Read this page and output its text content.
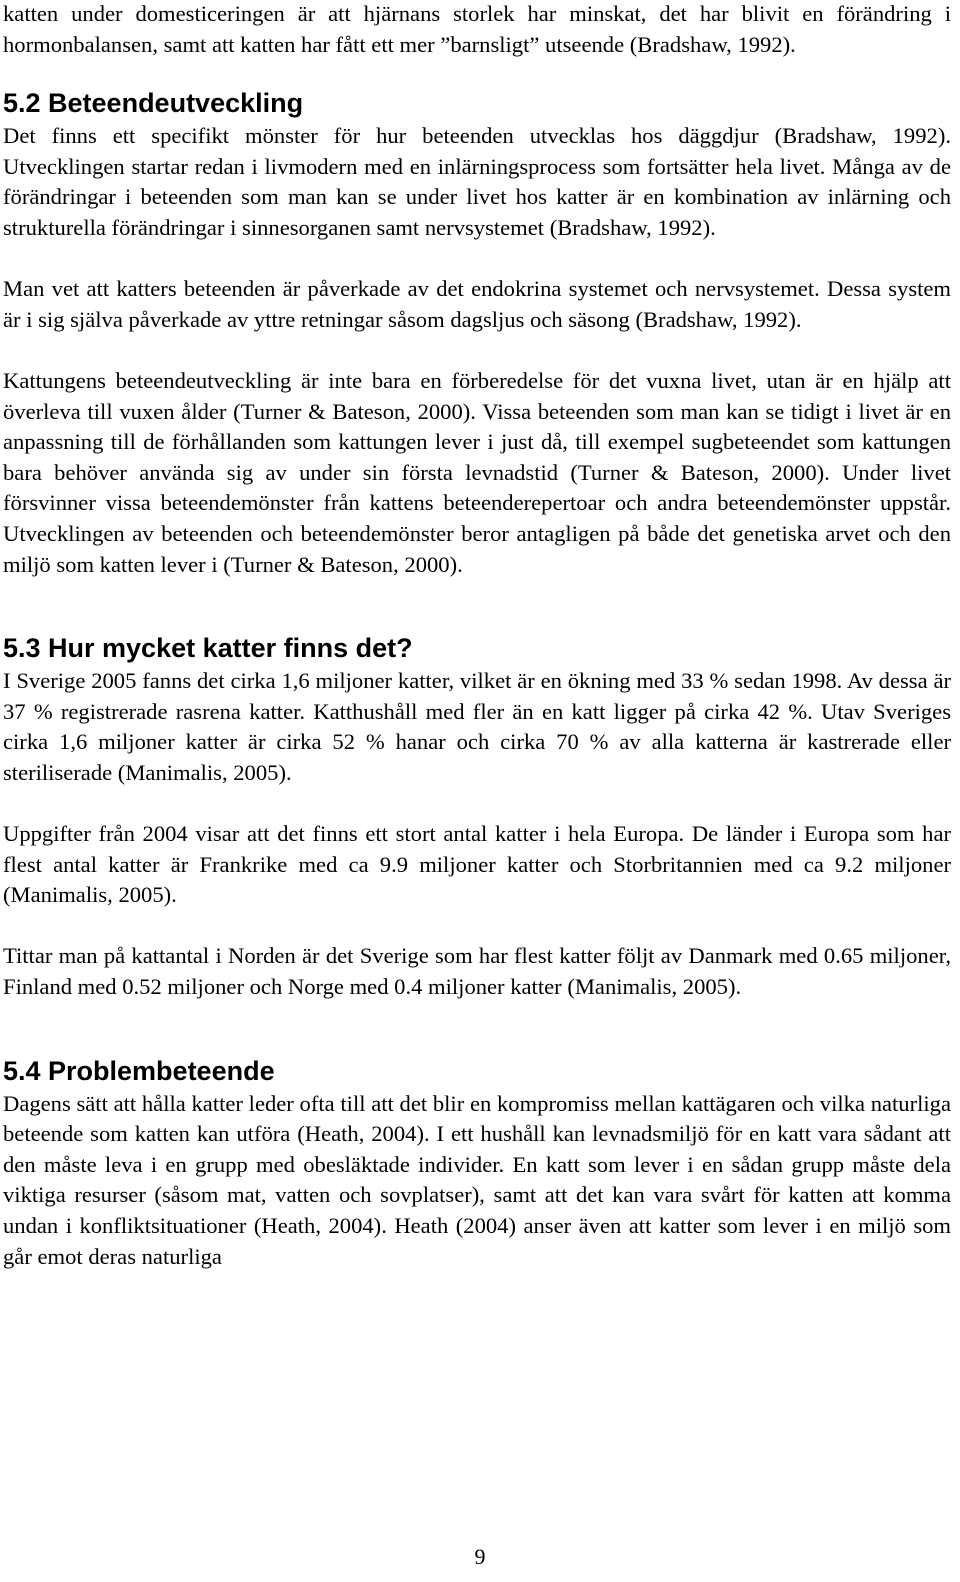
katten under domesticeringen är att hjärnans storlek har minskat, det har blivit en förändring i hormonbalansen, samt att katten har fått ett mer ”barnsligt” utseende (Bradshaw, 1992).

5.2 Beteendeutveckling

Det finns ett specifikt mönster för hur beteenden utvecklas hos däggdjur (Bradshaw, 1992). Utvecklingen startar redan i livmodern med en inlärningsprocess som fortsätter hela livet. Många av de förändringar i beteenden som man kan se under livet hos katter är en kombination av inlärning och strukturella förändringar i sinnesorganen samt nervsystemet (Bradshaw, 1992).

Man vet att katters beteenden är påverkade av det endokrina systemet och nervsystemet. Dessa system är i sig själva påverkade av yttre retningar såsom dagsljus och säsong (Bradshaw, 1992).

Kattungens beteendeutveckling är inte bara en förberedelse för det vuxna livet, utan är en hjälp att överleva till vuxen ålder (Turner & Bateson, 2000). Vissa beteenden som man kan se tidigt i livet är en anpassning till de förhållanden som kattungen lever i just då, till exempel sugbeteendet som kattungen bara behöver använda sig av under sin första levnadstid (Turner & Bateson, 2000). Under livet försvinner vissa beteendemönster från kattens beteenderepertoar och andra beteendemönster uppstår. Utvecklingen av beteenden och beteendemönster beror antagligen på både det genetiska arvet och den miljö som katten lever i (Turner & Bateson, 2000).

5.3 Hur mycket katter finns det?

I Sverige 2005 fanns det cirka 1,6 miljoner katter, vilket är en ökning med 33 % sedan 1998. Av dessa är 37 % registrerade rasrena katter. Katthushåll med fler än en katt ligger på cirka 42 %. Utav Sveriges cirka 1,6 miljoner katter är cirka 52 % hanar och cirka 70 % av alla katterna är kastrerade eller steriliserade (Manimalis, 2005).

Uppgifter från 2004 visar att det finns ett stort antal katter i hela Europa. De länder i Europa som har flest antal katter är Frankrike med ca 9.9 miljoner katter och Storbritannien med ca 9.2 miljoner (Manimalis, 2005).

Tittar man på kattantal i Norden är det Sverige som har flest katter följt av Danmark med 0.65 miljoner, Finland med 0.52 miljoner och Norge med 0.4 miljoner katter (Manimalis, 2005).

5.4 Problembeteende

Dagens sätt att hålla katter leder ofta till att det blir en kompromiss mellan kattägaren och vilka naturliga beteende som katten kan utföra (Heath, 2004). I ett hushåll kan levnadsmiljö för en katt vara sådant att den måste leva i en grupp med obesläktade individer. En katt som lever i en sådan grupp måste dela viktiga resurser (såsom mat, vatten och sovplatser), samt att det kan vara svårt för katten att komma undan i konfliktsituationer (Heath, 2004). Heath (2004) anser även att katter som lever i en miljö som går emot deras naturliga

9
